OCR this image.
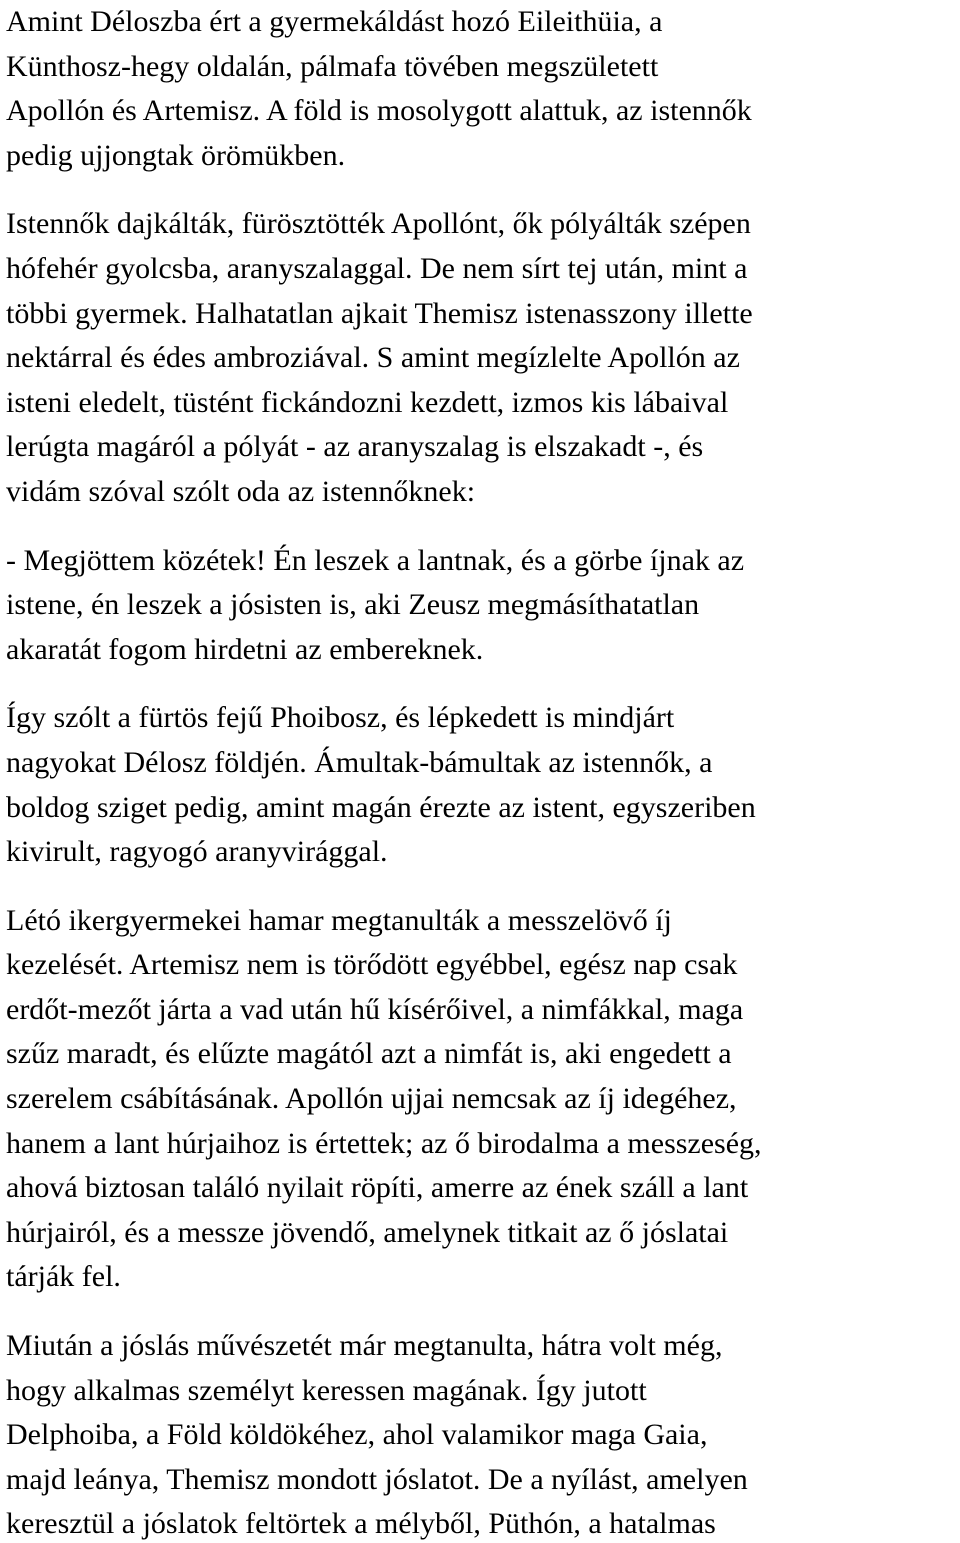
Amint Déloszba ért a gyermekáldást hozó Eileithüia, a
Künthosz-hegy oldalán, pálmafa tövében megszületett
Apollón és Artemisz. A föld is mosolygott alattuk, az istennők
pedig ujjongtak örömükben.

Istennők dajkálták, fürösztötték Apollónt, ők pólyálták szépen
hófehér gyolcsba, aranyszalaggal. De nem sírt tej után, mint a
többi gyermek. Halhatatlan ajkait Themisz istenasszony illette
nektárral és édes ambroziával. S amint megízlelte Apollón az
isteni eledelt, tüstént fickándozni kezdett, izmos kis lábaival
lerúgta magáról a pólyát - az aranyszalag is elszakadt -, és
vidám szóval szólt oda az istennőknek:

- Megjöttem közétek! Én leszek a lantnak, és a görbe íjnak az
istene, én leszek a jósisten is, aki Zeusz megmásíthatatlan
akaratát fogom hirdetni az embereknek.

Így szólt a fürtös fejű Phoibosz, és lépkedett is mindjárt
nagyokat Délosz földjén. Ámultak-bámultak az istennők, a
boldog sziget pedig, amint magán érezte az istent, egyszeriben
kivirult, ragyogó aranyvirággal.

Létó ikergyermekei hamar megtanulták a messzelövő íj
kezelését. Artemisz nem is törődött egyébbel, egész nap csak
erdőt-mezőt járta a vad után hű kísérőivel, a nimfákkal, maga
szűz maradt, és elűzte magától azt a nimfát is, aki engedett a
szerelem csábításának. Apollón ujjai nemcsak az íj idegéhez,
hanem a lant húrjaihoz is értettek; az ő birodalma a messzeség,
ahová biztosan találó nyilait röpíti, amerre az ének száll a lant
húrjairól, és a messze jövendő, amelynek titkait az ő jóslatai
tárják fel.

Miután a jóslás művészetét már megtanulta, hátra volt még,
hogy alkalmas személyt keressen magának. Így jutott
Delphoiba, a Föld köldökéhez, ahol valamikor maga Gaia,
majd leánya, Themisz mondott jóslatot. De a nyílást, amelyen
keresztül a jóslatok feltörtek a mélyből, Püthón, a hatalmas
